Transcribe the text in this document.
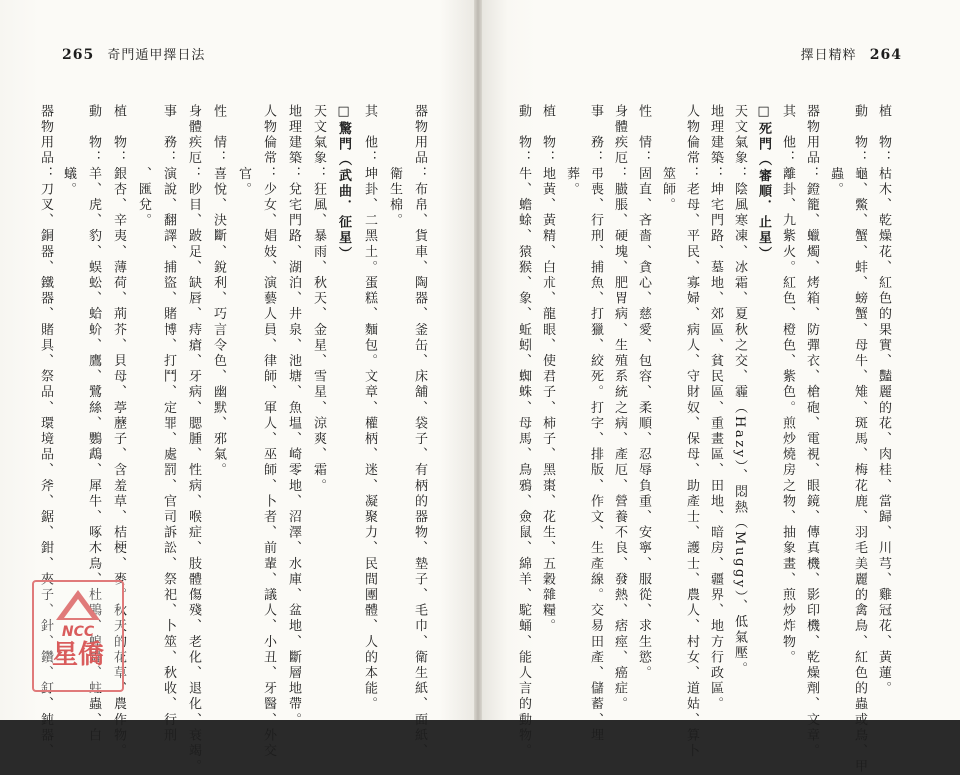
265 奇門遁甲擇日法
器物用品：布帛、貨車、陶器、釜缶、床舖、袋子、有柄的器物、墊子、毛巾、衛生紙、面紙、
　　　　衛生棉。
其　他：坤卦、二黑土。蛋糕、麵包。文章、權柄、迷、凝聚力、民間團體、人的本能。
□驚門（武曲．征星）
天文氣象：狂風、暴雨、秋天、金星、雪星、涼爽、霜。
地理建築：兌宅門路、湖泊、井泉、池塘、魚塭、崎零地、沼澤、水庫、盆地、斷層地帶。
人物倫常：少女、娼妓、演藝人員、律師、軍人、巫師、卜者、前輩、議人、小丑、牙醫、外交
　　　　官。
性　情：喜悅、決斷、銳利、巧言令色、幽默、邪氣。
身體疾厄：眇目、跛足、缺唇、痔瘡、牙病、腮腫、性病、喉症、肢體傷殘、老化、退化、衰竭。
事　務：演說、翻譯、捕盜、賭博、打鬥、定罪、處罰、官司訴訟、祭祀、卜筮、秋收、行刑
　　　　、匯兌。
植　物：銀杏、辛夷、薄荷、荊芥、貝母、葶藶子、含羞草、桔梗、麥。秋天的花草、農作物。
動　物：羊、虎、豹、蜈蚣、蛤蚧、鷹、鷺絲、鸚鵡、犀牛、啄木鳥、杜鵑、蝗蟲、蛀蟲、白
　　　　蟻。
器物用品：刀叉、銅器、鐵器、賭具、祭品、環境品、斧、鋸、鉗、夾子、針、鑽、釘、鈍器、
擇日精粹 264
植　物：枯木、乾燥花、紅色的果實、豔麗的花、肉桂、當歸、川芎、雞冠花、黃蓮。
動　物：龜、鱉、蟹、蚌、螃蟹、母牛、雉、斑馬、梅花鹿、羽毛美麗的禽鳥、紅色的蟲或鳥、甲
　　　　蟲。
器物用品：鐙籠、蠟燭、烤箱、防彈衣、槍砲、電視、眼鏡、傳真機、影印機、乾燥劑、文章。
其　他：離卦、九紫火。紅色、橙色、紫色。煎炒燒房之物、抽象畫、煎炒炸物。
□死門（審順．止星）
天文氣象：陰風寒凍、冰霜、夏秋之交、霾（Hazy）、悶熱（Muggy）、低氣壓。
地理建築：坤宅門路、墓地、郊區、貧民區、重畫區、田地、暗房、疆界、地方行政區。
人物倫常：老母、平民、寡婦、病人、守財奴、保母、助產士、護士、農人、村女、道姑、算卜
　　　　筮師。
性　情：固直、吝嗇、貪心、慈愛、包容、柔順、忍辱負重、安寧、服從、求生慾。
身體疾厄：臌脹、硬塊、肥胃病、生殖系統之病、產厄、營養不良、發熱、痞痙、癌症。
事　務：弔喪、行刑、捕魚、打獵、絞死。打字、排版、作文、生產線。交易田產、儲蓄、埋
　　　　葬。
植　物：地黃、黃精、白朮、龍眼、使君子、柿子、黑棗、花生、五穀雜糧。
動　物：牛、蟾蜍、猿猴、象、蚯蚓、蜘蛛、母馬、鳥鴉、僉鼠、綿羊、駝蛹、能人言的動物。
NCC
星僑
